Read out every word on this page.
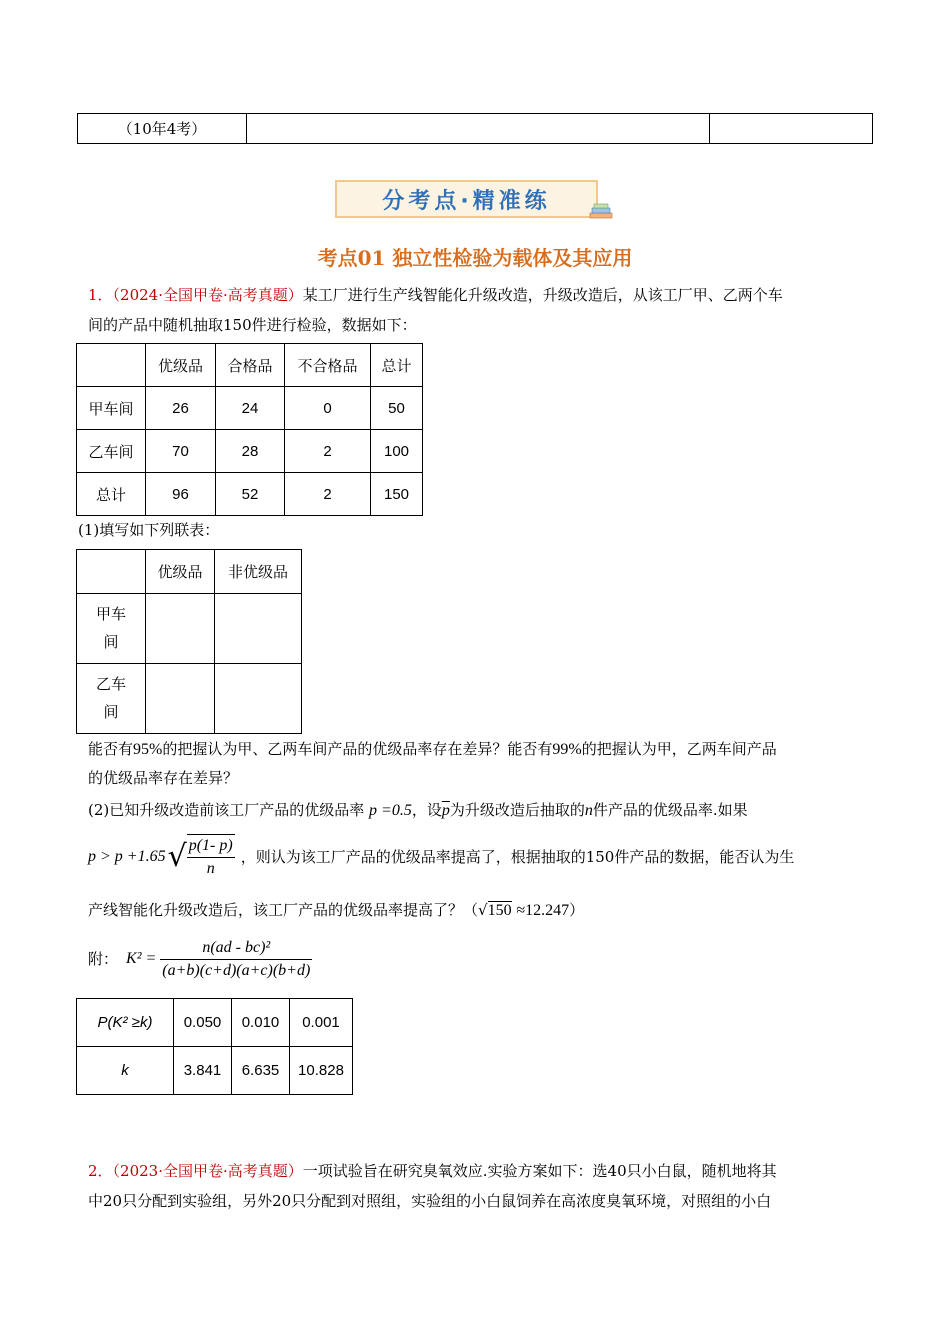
（10年4考）		
分考点·精准练
考点01 独立性检验为载体及其应用
1．（2024·全国甲卷·高考真题）某工厂进行生产线智能化升级改造，升级改造后，从该工厂甲、乙两个车
间的产品中随机抽取150件进行检验，数据如下：
	优级品	合格品	不合格品	总计
甲车间	26	24	0	50
乙车间	70	28	2	100
总计	96	52	2	150
(1)填写如下列联表：
	优级品	非优级品

甲车间		

乙车间		

能否有95%的把握认为甲、乙两车间产品的优级品率存在差异？能否有99%的把握认为甲，乙两车间产品
的优级品率存在差异？
(2)已知升级改造前该工厂产品的优级品率 p =0.5，设$\overline{p}$为升级改造后抽取的n件产品的优级品率.如果
p > p +1.65 √ $\frac{p(1- p)}{n}$ ，则认为该工厂产品的优级品率提高了，根据抽取的150件产品的数据，能否认为生
产线智能化升级改造后，该工厂产品的优级品率提高了？（√150 ≈12.247）
附： $K^2 = \frac{\text{n(ad - bc)²}}{(a+b)(c+d)(a+c)(b+d)}$
P(K² ≥k)	0.050	0.010	0.001
k	3.841	6.635	10.828
2．（2023·全国甲卷·高考真题）一项试验旨在研究臭氧效应.实验方案如下：选40只小白鼠，随机地将其
中20只分配到实验组，另外20只分配到对照组，实验组的小白鼠饲养在高浓度臭氧环境，对照组的小白
